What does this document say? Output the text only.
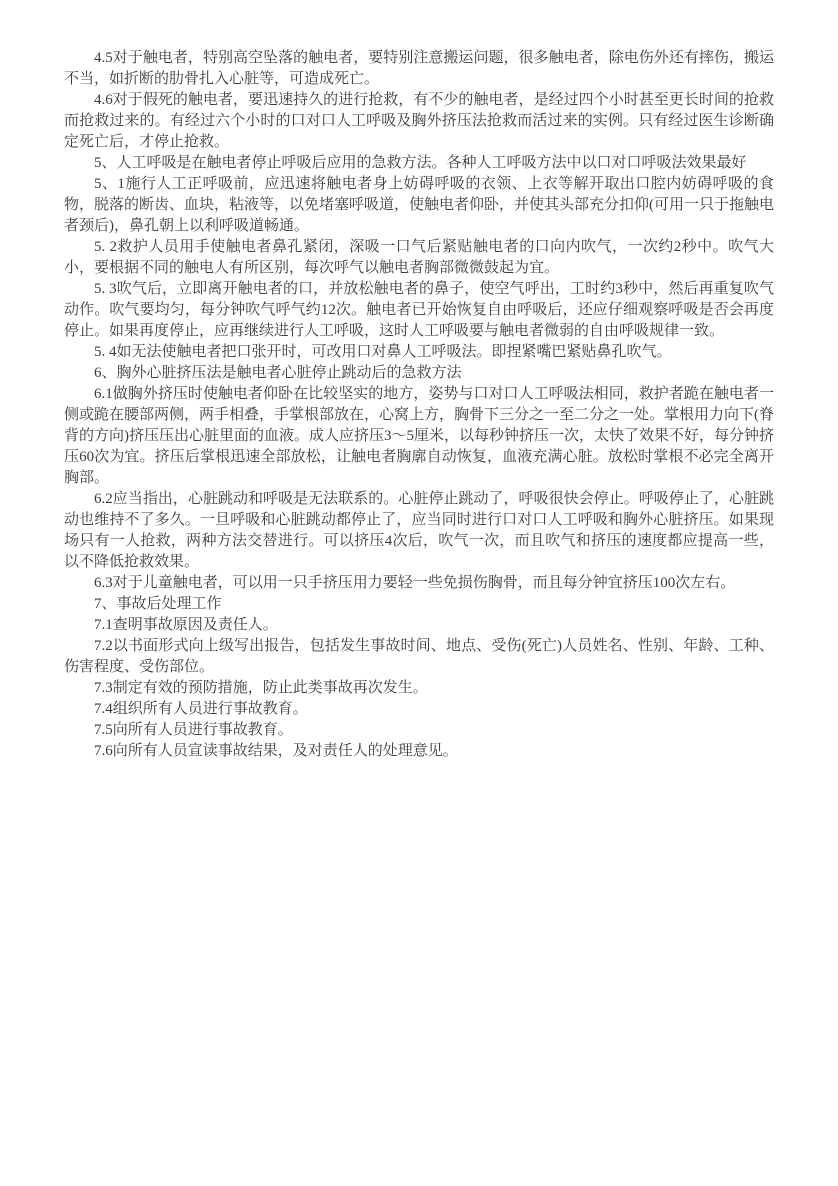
4.5对于触电者，特别高空坠落的触电者，要特别注意搬运问题，很多触电者，除电伤外还有摔伤，搬运不当，如折断的肋骨扎入心脏等，可造成死亡。

4.6对于假死的触电者，要迅速持久的进行抢救，有不少的触电者，是经过四个小时甚至更长时间的抢救而抢救过来的。有经过六个小时的口对口人工呼吸及胸外挤压法抢救而活过来的实例。只有经过医生诊断确定死亡后，才停止抢救。

5、人工呼吸是在触电者停止呼吸后应用的急救方法。各种人工呼吸方法中以口对口呼吸法效果最好

5、1施行人工正呼吸前，应迅速将触电者身上妨碍呼吸的衣领、上衣等解开取出口腔内妨碍呼吸的食物，脱落的断齿、血块，粘液等，以免堵塞呼吸道，使触电者仰卧，并使其头部充分扣仰(可用一只于拖触电者颈后)，鼻孔朝上以利呼吸道畅通。

5. 2救护人员用手使触电者鼻孔紧闭，深吸一口气后紧贴触电者的口向内吹气，一次约2秒中。吹气大小，要根据不同的触电人有所区别，每次呼气以触电者胸部微微鼓起为宜。

5. 3吹气后，立即离开触电者的口，并放松触电者的鼻子，使空气呼出，工时约3秒中，然后再重复吹气动作。吹气要均匀，每分钟吹气呼气约12次。触电者已开始恢复自由呼吸后，还应仔细观察呼吸是否会再度停止。如果再度停止，应再继续进行人工呼吸，这时人工呼吸要与触电者微弱的自由呼吸规律一致。

5. 4如无法使触电者把口张开时，可改用口对鼻人工呼吸法。即捏紧嘴巴紧贴鼻孔吹气。

6、胸外心脏挤压法是触电者心脏停止跳动后的急救方法

6.1做胸外挤压时使触电者仰卧在比较坚实的地方，姿势与口对口人工呼吸法相同，救护者跪在触电者一侧或跪在腰部两侧，两手相叠，手掌根部放在，心窝上方，胸骨下三分之一至二分之一处。掌根用力向下(脊背的方向)挤压压出心脏里面的血液。成人应挤压3～5厘米，以每秒钟挤压一次，太快了效果不好，每分钟挤压60次为宜。挤压后掌根迅速全部放松，让触电者胸廓自动恢复，血液充满心脏。放松时掌根不必完全离开胸部。

6.2应当指出，心脏跳动和呼吸是无法联系的。心脏停止跳动了，呼吸很快会停止。呼吸停止了，心脏跳动也维持不了多久。一旦呼吸和心脏跳动都停止了，应当同时进行口对口人工呼吸和胸外心脏挤压。如果现场只有一人抢救，两种方法交替进行。可以挤压4次后，吹气一次，而且吹气和挤压的速度都应提高一些，以不降低抢救效果。

6.3对于儿童触电者，可以用一只手挤压用力要轻一些免损伤胸骨，而且每分钟宜挤压100次左右。

7、事故后处理工作

7.1查明事故原因及责任人。

7.2以书面形式向上级写出报告，包括发生事故时间、地点、受伤(死亡)人员姓名、性别、年龄、工种、伤害程度、受伤部位。

7.3制定有效的预防措施，防止此类事故再次发生。

7.4组织所有人员进行事故教育。

7.5向所有人员进行事故教育。

7.6向所有人员宣读事故结果，及对责任人的处理意见。
